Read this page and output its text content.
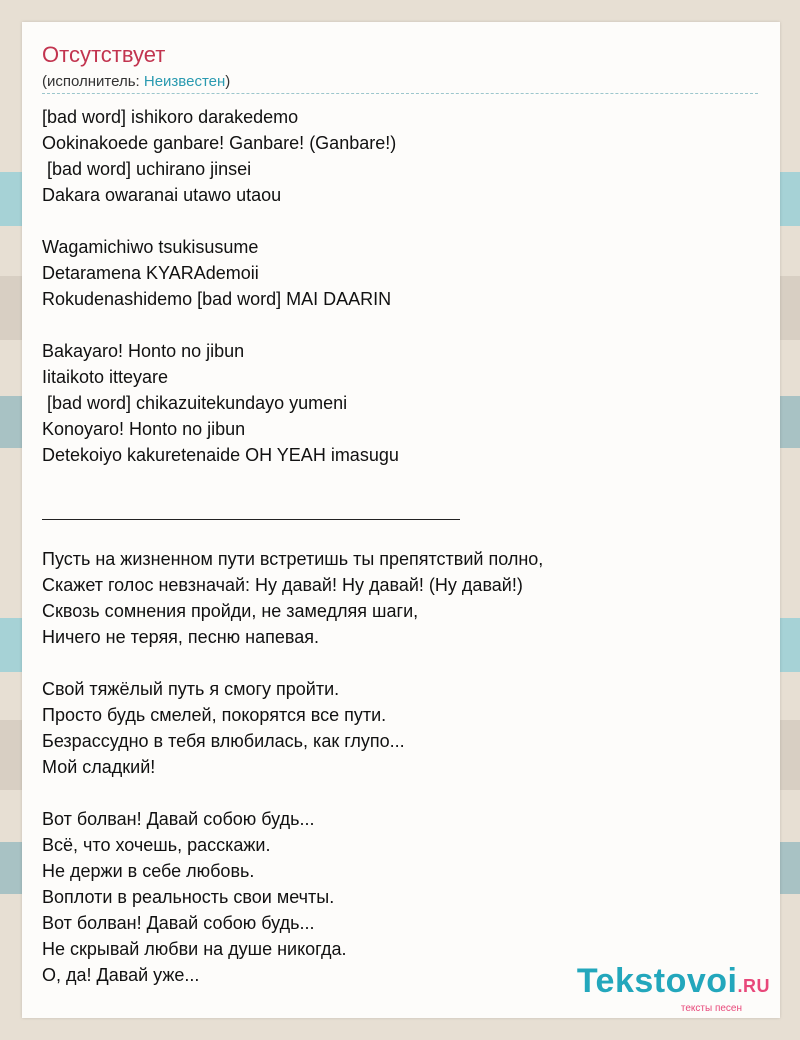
Отсутствует
(исполнитель: Неизвестен)
[bad word] ishikoro darakedemo
Ookinakoede ganbare! Ganbare! (Ganbare!)
[bad word] uchirano jinsei
Dakara owaranai utawo utaou
Wagamichiwo tsukisusume
Detaramena KYARAdemoii
Rokudenashidemo [bad word] MAI DAARIN
Bakayaro! Honto no jibun
Iitaikoto itteyare
[bad word] chikazuitekundayo yumeni
Konoyaro! Honto no jibun
Detekoiyo kakuretenaide OH YEAH imasugu
Пусть на жизненном пути встретишь ты препятствий полно,
Скажет голос невзначай: Ну давай! Ну давай! (Ну давай!)
Сквозь сомнения пройди, не замедляя шаги,
Ничего не теряя, песню напевая.
Свой тяжёлый путь я смогу пройти.
Просто будь смелей, покорятся все пути.
Безрассудно в тебя влюбилась, как глупо...
Мой сладкий!
Вот болван! Давай собою будь...
Всё, что хочешь, расскажи.
Не держи в себе любовь.
Воплоти в реальность свои мечты.
Вот болван! Давай собою будь...
Не скрывай любви на душе никогда.
О, да! Давай уже...	Tekstovoi.RU
тексты песен
